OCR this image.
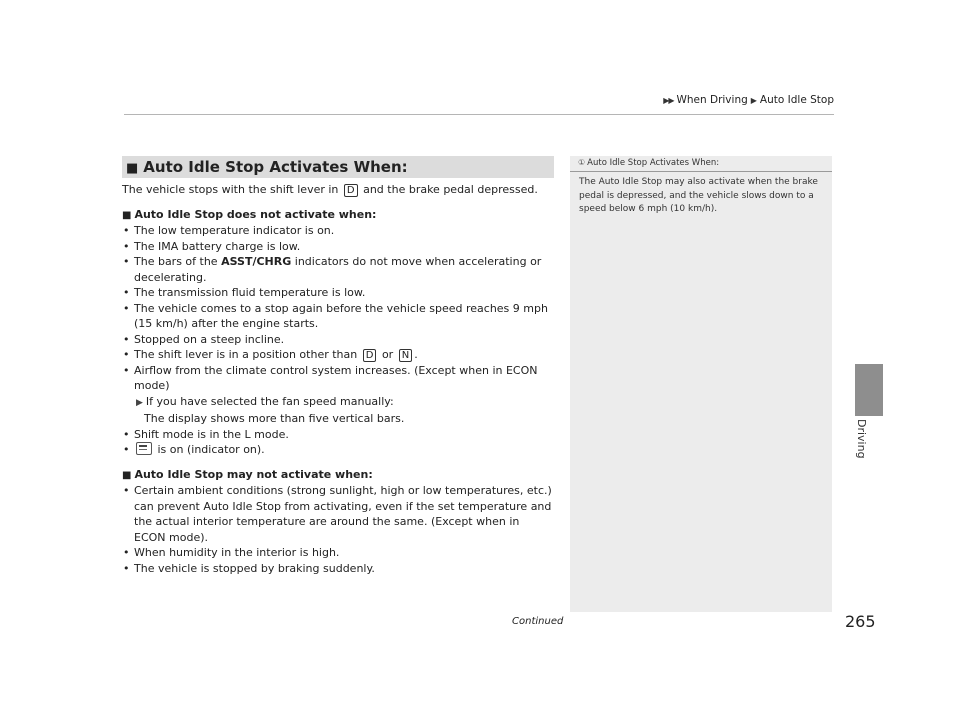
▶▶ When Driving ▶ Auto Idle Stop
Driving
■ Auto Idle Stop Activates When:

The vehicle stops with the shift lever in D and the brake pedal depressed.

■ Auto Idle Stop does not activate when:
• The low temperature indicator is on.
• The IMA battery charge is low.
• The bars of the ASST/CHRG indicators do not move when accelerating or decelerating.
• The transmission fluid temperature is low.
• The vehicle comes to a stop again before the vehicle speed reaches 9 mph (15 km/h) after the engine starts.
• Stopped on a steep incline.
• The shift lever is in a position other than D or N .
• Airflow from the climate control system increases. (Except when in ECON mode)
▶ If you have selected the fan speed manually:
The display shows more than five vertical bars.
• Shift mode is in the L mode.
• is on (indicator on).
■ Auto Idle Stop may not activate when:
• Certain ambient conditions (strong sunlight, high or low temperatures, etc.) can prevent Auto Idle Stop from activating, even if the set temperature and the actual interior temperature are around the same. (Except when in ECON mode).
• When humidity in the interior is high.
• The vehicle is stopped by braking suddenly.
① Auto Idle Stop Activates When:
The Auto Idle Stop may also activate when the brake pedal is depressed, and the vehicle slows down to a speed below 6 mph (10 km/h).
Continued	265
